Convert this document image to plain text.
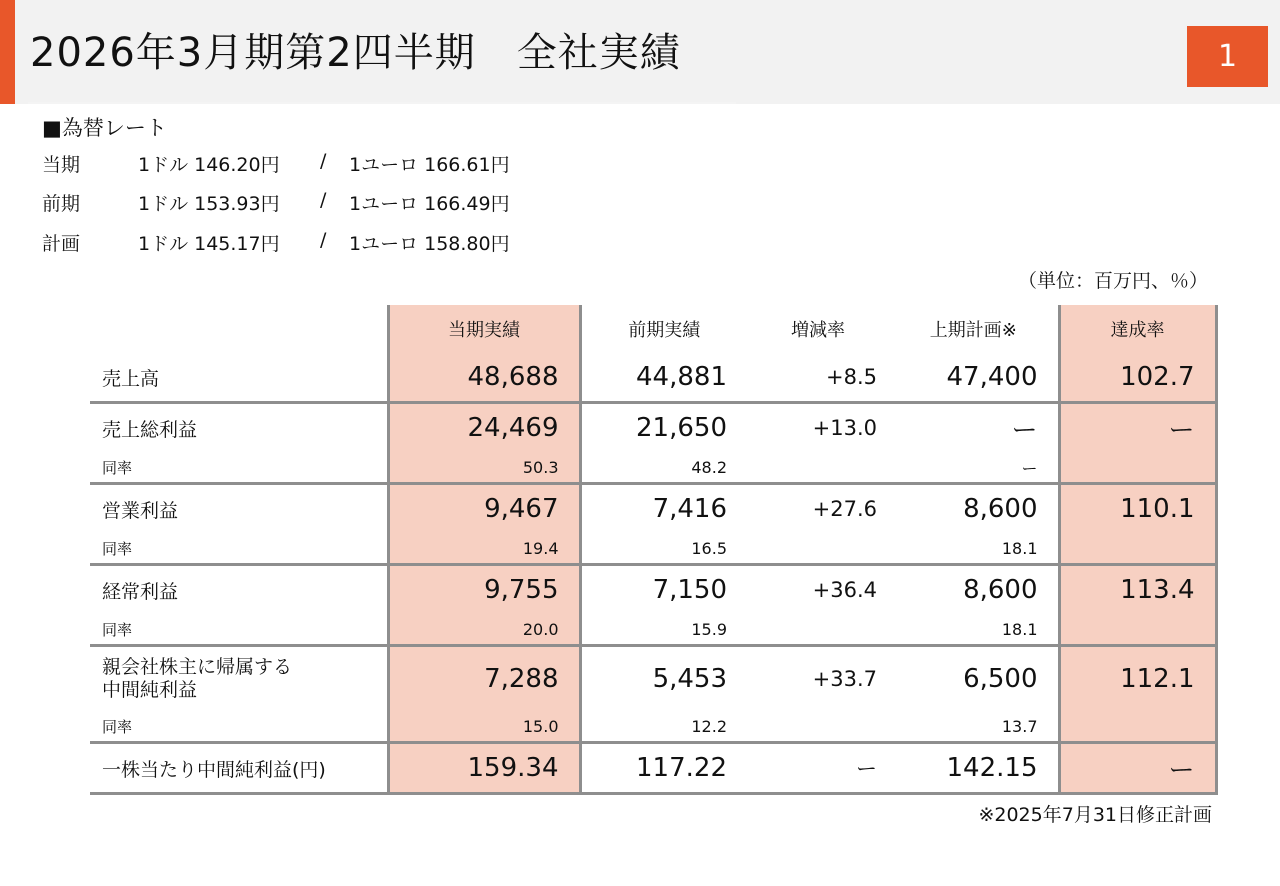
2026年3月期第2四半期　全社実績	1
■為替レート
当期	1ドル 146.20円 / 1ユーロ 166.61円
前期	1ドル 153.93円 / 1ユーロ 166.49円
計画	1ドル 145.17円 / 1ユーロ 158.80円
（単位：百万円、％）
	当期実績	前期実績	増減率	上期計画※	達成率
売上高	48,688	44,881	+8.5	47,400	102.7
売上総利益	24,469	21,650	+13.0	ー	ー
同率	50.3	48.2		ー	
営業利益	9,467	7,416	+27.6	8,600	110.1
同率	19.4	16.5		18.1	
経常利益	9,755	7,150	+36.4	8,600	113.4
同率	20.0	15.9		18.1	
親会社株主に帰属する
中間純利益	7,288	5,453	+33.7	6,500	112.1
同率	15.0	12.2		13.7	
一株当たり中間純利益(円)	159.34	117.22	ー	142.15	ー
※2025年7月31日修正計画
